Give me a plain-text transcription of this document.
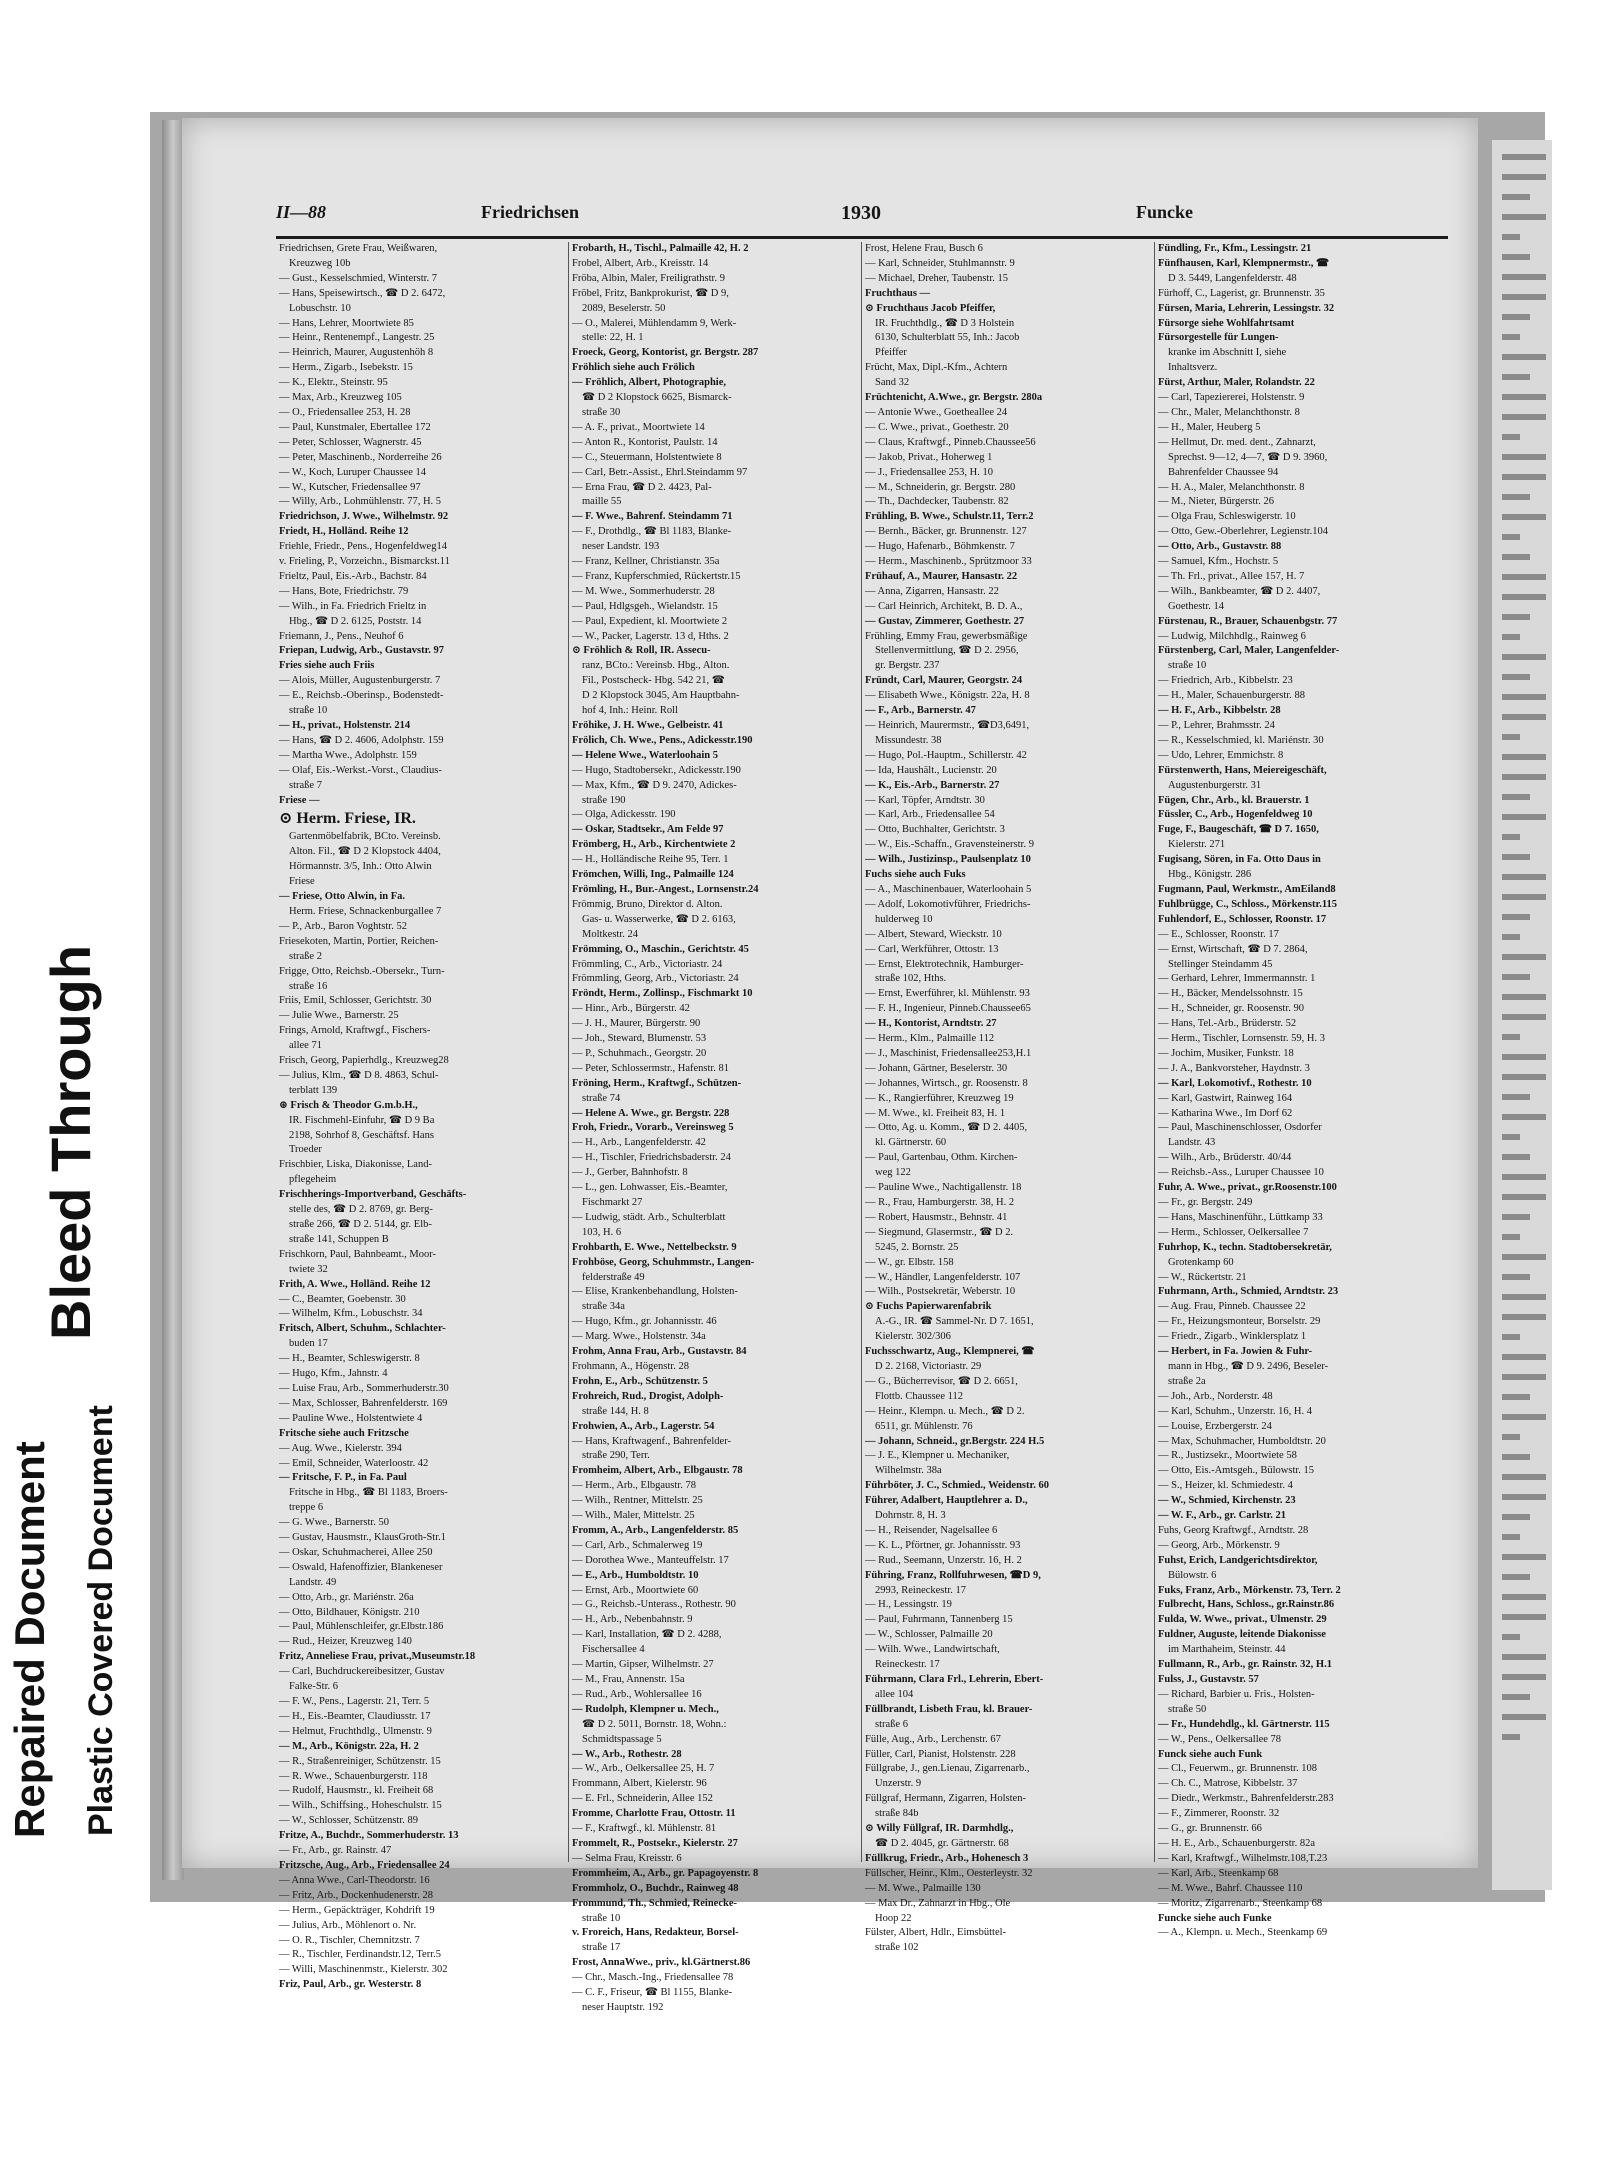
Repaired Document
Bleed Through
Plastic Covered Document
II—88	Friedrichsen	1930	Funcke
Friedrichsen, Grete Frau, Weißwaren,
Kreuzweg 10b
— Gust., Kesselschmied, Winterstr. 7
— Hans, Speisewirtsch., ☎ D 2. 6472,
Lobuschstr. 10
— Hans, Lehrer, Moortwiete 85
— Heinr., Rentenempf., Langestr. 25
— Heinrich, Maurer, Augustenhöh 8
— Herm., Zigarb., Isebekstr. 15
— K., Elektr., Steinstr. 95
— Max, Arb., Kreuzweg 105
— O., Friedensallee 253, H. 28
— Paul, Kunstmaler, Ebertallee 172
— Peter, Schlosser, Wagnerstr. 45
— Peter, Maschinenb., Norderreihe 26
— W., Koch, Luruper Chaussee 14
— W., Kutscher, Friedensallee 97
— Willy, Arb., Lohmühlenstr. 77, H. 5
Friedrichson, J. Wwe., Wilhelmstr. 92
Friedt, H., Holländ. Reihe 12
Friehle, Friedr., Pens., Hogenfeldweg14
v. Frieling, P., Vorzeichn., Bismarckst.11
Frieltz, Paul, Eis.-Arb., Bachstr. 84
— Hans, Bote, Friedrichstr. 79
— Wilh., in Fa. Friedrich Frieltz in
Hbg., ☎ D 2. 6125, Poststr. 14
Friemann, J., Pens., Neuhof 6
Friepan, Ludwig, Arb., Gustavstr. 97
Fries siehe auch Friis
— Alois, Müller, Augustenburgerstr. 7
— E., Reichsb.-Oberinsp., Bodenstedt-
straße 10
— H., privat., Holstenstr. 214
— Hans, ☎ D 2. 4606, Adolphstr. 159
— Martha Wwe., Adolphstr. 159
— Olaf, Eis.-Werkst.-Vorst., Claudius-
straße 7
Friese —
⊙ Herm. Friese, IR.
Gartenmöbelfabrik, BCto. Vereinsb.
Alton. Fil., ☎ D 2 Klopstock 4404,
Hörmannstr. 3/5, Inh.: Otto Alwin
Friese
— Friese, Otto Alwin, in Fa.
Herm. Friese, Schnackenburgallee 7
— P., Arb., Baron Voghtstr. 52
Friesekoten, Martin, Portier, Reichen-
straße 2
Frigge, Otto, Reichsb.-Obersekr., Turn-
straße 16
Friis, Emil, Schlosser, Gerichtstr. 30
— Julie Wwe., Barnerstr. 25
Frings, Arnold, Kraftwgf., Fischers-
allee 71
Frisch, Georg, Papierhdlg., Kreuzweg28
— Julius, Klm., ☎ D 8. 4863, Schul-
terblatt 139
⊛ Frisch & Theodor G.m.b.H.,
IR. Fischmehl-Einfuhr, ☎ D 9 Ba
2198, Sohrhof 8, Geschäftsf. Hans
Troeder
Frischbier, Liska, Diakonisse, Land-
pflegeheim
Frischherings-Importverband, Geschäfts-
stelle des, ☎ D 2. 8769, gr. Berg-
straße 266, ☎ D 2. 5144, gr. Elb-
straße 141, Schuppen B
Frischkorn, Paul, Bahnbeamt., Moor-
twiete 32
Frith, A. Wwe., Holländ. Reihe 12
— C., Beamter, Goebenstr. 30
— Wilhelm, Kfm., Lobuschstr. 34
Fritsch, Albert, Schuhm., Schlachter-
buden 17
— H., Beamter, Schleswigerstr. 8
— Hugo, Kfm., Jahnstr. 4
— Luise Frau, Arb., Sommerhuderstr.30
— Max, Schlosser, Bahrenfelderstr. 169
— Pauline Wwe., Holstentwiete 4
Fritsche siehe auch Fritzsche
— Aug. Wwe., Kielerstr. 394
— Emil, Schneider, Waterloostr. 42
— Fritsche, F. P., in Fa. Paul
Fritsche in Hbg., ☎ Bl 1183, Broers-
treppe 6
— G. Wwe., Barnerstr. 50
— Gustav, Hausmstr., KlausGroth-Str.1
— Oskar, Schuhmacherei, Allee 250
— Oswald, Hafenoffizier, Blankeneser
Landstr. 49
— Otto, Arb., gr. Mariénstr. 26a
— Otto, Bildhauer, Königstr. 210
— Paul, Mühlenschleifer, gr.Elbstr.186
— Rud., Heizer, Kreuzweg 140
Fritz, Anneliese Frau, privat.,Museumstr.18
— Carl, Buchdruckereibesitzer, Gustav
Falke-Str. 6
— F. W., Pens., Lagerstr. 21, Terr. 5
— H., Eis.-Beamter, Claudiusstr. 17
— Helmut, Fruchthdlg., Ulmenstr. 9
— M., Arb., Königstr. 22a, H. 2
— R., Straßenreiniger, Schützenstr. 15
— R. Wwe., Schauenburgerstr. 118
— Rudolf, Hausmstr., kl. Freiheit 68
— Wilh., Schiffsing., Hoheschulstr. 15
— W., Schlosser, Schützenstr. 89
Fritze, A., Buchdr., Sommerhuderstr. 13
— Fr., Arb., gr. Rainstr. 47
Fritzsche, Aug., Arb., Friedensallee 24
— Anna Wwe., Carl-Theodorstr. 16
— Fritz, Arb., Dockenhudenerstr. 28
— Herm., Gepäckträger, Kohdrift 19
— Julius, Arb., Möhlenort o. Nr.
— O. R., Tischler, Chemnitzstr. 7
— R., Tischler, Ferdinandstr.12, Terr.5
— Willi, Maschinenmstr., Kielerstr. 302
Friz, Paul, Arb., gr. Westerstr. 8
Frobarth, H., Tischl., Palmaille 42, H. 2
Frobel, Albert, Arb., Kreisstr. 14
Fröba, Albin, Maler, Freiligrathstr. 9
Fröbel, Fritz, Bankprokurist, ☎ D 9,
2089, Beselerstr. 50
— O., Malerei, Mühlendamm 9, Werk-
stelle: 22, H. 1
Froeck, Georg, Kontorist, gr. Bergstr. 287
Fröhlich siehe auch Frölich
— Fröhlich, Albert, Photographie,
☎ D 2 Klopstock 6625, Bismarck-
straße 30
— A. F., privat., Moortwiete 14
— Anton R., Kontorist, Paulstr. 14
— C., Steuermann, Holstentwiete 8
— Carl, Betr.-Assist., Ehrl.Steindamm 97
— Erna Frau, ☎ D 2. 4423, Pal-
maille 55
— F. Wwe., Bahrenf. Steindamm 71
— F., Drothdlg., ☎ Bl 1183, Blanke-
neser Landstr. 193
— Franz, Kellner, Christianstr. 35a
— Franz, Kupferschmied, Rückertstr.15
— M. Wwe., Sommerhuderstr. 28
— Paul, Hdlgsgeh., Wielandstr. 15
— Paul, Expedient, kl. Moortwiete 2
— W., Packer, Lagerstr. 13 d, Hths. 2
⊙ Fröhlich & Roll, IR. Assecu-
ranz, BCto.: Vereinsb. Hbg., Alton.
Fil., Postscheck- Hbg. 542 21, ☎
D 2 Klopstock 3045, Am Hauptbahn-
hof 4, Inh.: Heinr. Roll
Fröhike, J. H. Wwe., Gelbeistr. 41
Frölich, Ch. Wwe., Pens., Adickesstr.190
— Helene Wwe., Waterloohain 5
— Hugo, Stadtobersekr., Adickesstr.190
— Max, Kfm., ☎ D 9. 2470, Adickes-
straße 190
— Olga, Adickesstr. 190
— Oskar, Stadtsekr., Am Felde 97
Frömberg, H., Arb., Kirchentwiete 2
— H., Holländische Reihe 95, Terr. 1
Frömchen, Willi, Ing., Palmaille 124
Frömling, H., Bur.-Angest., Lornsenstr.24
Frömmig, Bruno, Direktor d. Alton.
Gas- u. Wasserwerke, ☎ D 2. 6163,
Moltkestr. 24
Frömming, O., Maschin., Gerichtstr. 45
Frömmling, C., Arb., Victoriastr. 24
Frömmling, Georg, Arb., Victoriastr. 24
Fröndt, Herm., Zollinsp., Fischmarkt 10
— Hinr., Arb., Bürgerstr. 42
— J. H., Maurer, Bürgerstr. 90
— Joh., Steward, Blumenstr. 53
— P., Schuhmach., Georgstr. 20
— Peter, Schlossermstr., Hafenstr. 81
Fröning, Herm., Kraftwgf., Schützen-
straße 74
— Helene A. Wwe., gr. Bergstr. 228
Froh, Friedr., Vorarb., Vereinsweg 5
— H., Arb., Langenfelderstr. 42
— H., Tischler, Friedrichsbaderstr. 24
— J., Gerber, Bahnhofstr. 8
— L., gen. Lohwasser, Eis.-Beamter,
Fischmarkt 27
— Ludwig, städt. Arb., Schulterblatt
103, H. 6
Frohbarth, E. Wwe., Nettelbeckstr. 9
Frohböse, Georg, Schuhmmstr., Langen-
felderstraße 49
— Elise, Krankenbehandlung, Holsten-
straße 34a
— Hugo, Kfm., gr. Johannisstr. 46
— Marg. Wwe., Holstenstr. 34a
Frohm, Anna Frau, Arb., Gustavstr. 84
Frohmann, A., Högenstr. 28
Frohn, E., Arb., Schützenstr. 5
Frohreich, Rud., Drogist, Adolph-
straße 144, H. 8
Frohwien, A., Arb., Lagerstr. 54
— Hans, Kraftwagenf., Bahrenfelder-
straße 290, Terr.
Fromheim, Albert, Arb., Elbgaustr. 78
— Herm., Arb., Elbgaustr. 78
— Wilh., Rentner, Mittelstr. 25
— Wilh., Maler, Mittelstr. 25
Fromm, A., Arb., Langenfelderstr. 85
— Carl, Arb., Schmalerweg 19
— Dorothea Wwe., Manteuffelstr. 17
— E., Arb., Humboldtstr. 10
— Ernst, Arb., Moortwiete 60
— G., Reichsb.-Unterass., Rothestr. 90
— H., Arb., Nebenbahnstr. 9
— Karl, Installation, ☎ D 2. 4288,
Fischersallee 4
— Martin, Gipser, Wilhelmstr. 27
— M., Frau, Annenstr. 15a
— Rud., Arb., Wohlersallee 16
— Rudolph, Klempner u. Mech.,
☎ D 2. 5011, Bornstr. 18, Wohn.:
Schmidtspassage 5
— W., Arb., Rothestr. 28
— W., Arb., Oelkersallee 25, H. 7
Frommann, Albert, Kielerstr. 96
— E. Frl., Schneiderin, Allee 152
Fromme, Charlotte Frau, Ottostr. 11
— F., Kraftwgf., kl. Mühlenstr. 81
Frommelt, R., Postsekr., Kielerstr. 27
— Selma Frau, Kreisstr. 6
Frommheim, A., Arb., gr. Papagoyenstr. 8
Frommholz, O., Buchdr., Rainweg 48
Frommund, Th., Schmied, Reinecke-
straße 10
v. Froreich, Hans, Redakteur, Borsel-
straße 17
Frost, AnnaWwe., priv., kl.Gärtnerst.86
— Chr., Masch.-Ing., Friedensallee 78
— C. F., Friseur, ☎ Bl 1155, Blanke-
neser Hauptstr. 192
Frost, Helene Frau, Busch 6
— Karl, Schneider, Stuhlmannstr. 9
— Michael, Dreher, Taubenstr. 15
Fruchthaus —
⊙ Fruchthaus Jacob Pfeiffer,
IR. Fruchthdlg., ☎ D 3 Holstein
6130, Schulterblatt 55, Inh.: Jacob
Pfeiffer
Frücht, Max, Dipl.-Kfm., Achtern
Sand 32
Früchtenicht, A.Wwe., gr. Bergstr. 280a
— Antonie Wwe., Goetheallee 24
— C. Wwe., privat., Goethestr. 20
— Claus, Kraftwgf., Pinneb.Chaussee56
— Jakob, Privat., Hoherweg 1
— J., Friedensallee 253, H. 10
— M., Schneiderin, gr. Bergstr. 280
— Th., Dachdecker, Taubenstr. 82
Frühling, B. Wwe., Schulstr.11, Terr.2
— Bernh., Bäcker, gr. Brunnenstr. 127
— Hugo, Hafenarb., Böhmkenstr. 7
— Herm., Maschinenb., Sprützmoor 33
Frühauf, A., Maurer, Hansastr. 22
— Anna, Zigarren, Hansastr. 22
— Carl Heinrich, Architekt, B. D. A.,
— Gustav, Zimmerer, Goethestr. 27
Frühling, Emmy Frau, gewerbsmäßige
Stellenvermittlung, ☎ D 2. 2956,
gr. Bergstr. 237
Fründt, Carl, Maurer, Georgstr. 24
— Elisabeth Wwe., Königstr. 22a, H. 8
— F., Arb., Barnerstr. 47
— Heinrich, Maurermstr., ☎D3,6491,
Missundestr. 38
— Hugo, Pol.-Hauptm., Schillerstr. 42
— Ida, Haushält., Lucienstr. 20
— K., Eis.-Arb., Barnerstr. 27
— Karl, Töpfer, Arndtstr. 30
— Karl, Arb., Friedensallee 54
— Otto, Buchhalter, Gerichtstr. 3
— W., Eis.-Schaffn., Gravensteinerstr. 9
— Wilh., Justizinsp., Paulsenplatz 10
Fuchs siehe auch Fuks
— A., Maschinenbauer, Waterloohain 5
— Adolf, Lokomotivführer, Friedrichs-
hulderweg 10
— Albert, Steward, Wieckstr. 10
— Carl, Werkführer, Ottostr. 13
— Ernst, Elektrotechnik, Hamburger-
straße 102, Hths.
— Ernst, Ewerführer, kl. Mühlenstr. 93
— F. H., Ingenieur, Pinneb.Chaussee65
— H., Kontorist, Arndtstr. 27
— Herm., Klm., Palmaille 112
— J., Maschinist, Friedensallee253,H.1
— Johann, Gärtner, Beselerstr. 30
— Johannes, Wirtsch., gr. Roosenstr. 8
— K., Rangierführer, Kreuzweg 19
— M. Wwe., kl. Freiheit 83, H. 1
— Otto, Ag. u. Komm., ☎ D 2. 4405,
kl. Gärtnerstr. 60
— Paul, Gartenbau, Othm. Kirchen-
weg 122
— Pauline Wwe., Nachtigallenstr. 18
— R., Frau, Hamburgerstr. 38, H. 2
— Robert, Hausmstr., Behnstr. 41
— Siegmund, Glasermstr., ☎ D 2.
5245, 2. Bornstr. 25
— W., gr. Elbstr. 158
— W., Händler, Langenfelderstr. 107
— Wilh., Postsekretär, Weberstr. 10
⊙ Fuchs Papierwarenfabrik
A.-G., IR. ☎ Sammel-Nr. D 7. 1651,
Kielerstr. 302/306
Fuchsschwartz, Aug., Klempnerei, ☎
D 2. 2168, Victoriastr. 29
— G., Bücherrevisor, ☎ D 2. 6651,
Flottb. Chaussee 112
— Heinr., Klempn. u. Mech., ☎ D 2.
6511, gr. Mühlenstr. 76
— Johann, Schneid., gr.Bergstr. 224 H.5
— J. E., Klempner u. Mechaniker,
Wilhelmstr. 38a
Führböter, J. C., Schmied., Weidenstr. 60
Führer, Adalbert, Hauptlehrer a. D.,
Dohrnstr. 8, H. 3
— H., Reisender, Nagelsallee 6
— K. L., Pförtner, gr. Johannisstr. 93
— Rud., Seemann, Unzerstr. 16, H. 2
Führing, Franz, Rollfuhrwesen, ☎D 9,
2993, Reineckestr. 17
— H., Lessingstr. 19
— Paul, Fuhrmann, Tannenberg 15
— W., Schlosser, Palmaille 20
— Wilh. Wwe., Landwirtschaft,
Reineckestr. 17
Führmann, Clara Frl., Lehrerin, Ebert-
allee 104
Füllbrandt, Lisbeth Frau, kl. Brauer-
straße 6
Fülle, Aug., Arb., Lerchenstr. 67
Füller, Carl, Pianist, Holstenstr. 228
Füllgrabe, J., gen.Lienau, Zigarrenarb.,
Unzerstr. 9
Füllgraf, Hermann, Zigarren, Holsten-
straße 84b
⊙ Willy Füllgraf, IR. Darmhdlg.,
☎ D 2. 4045, gr. Gärtnerstr. 68
Füllkrug, Friedr., Arb., Hohenesch 3
Füllscher, Heinr., Klm., Oesterleystr. 32
— M. Wwe., Palmaille 130
— Max Dr., Zahnarzt in Hbg., Ole
Hoop 22
Fülster, Albert, Hdlr., Eimsbüttel-
straße 102
Fündling, Fr., Kfm., Lessingstr. 21
Fünfhausen, Karl, Klempnermstr., ☎
D 3. 5449, Langenfelderstr. 48
Fürhoff, C., Lagerist, gr. Brunnenstr. 35
Fürsen, Maria, Lehrerin, Lessingstr. 32
Fürsorge siehe Wohlfahrtsamt
Fürsorgestelle für Lungen-
kranke im Abschnitt I, siehe
Inhaltsverz.
Fürst, Arthur, Maler, Rolandstr. 22
— Carl, Tapeziererei, Holstenstr. 9
— Chr., Maler, Melanchthonstr. 8
— H., Maler, Heuberg 5
— Hellmut, Dr. med. dent., Zahnarzt,
Sprechst. 9—12, 4—7, ☎ D 9. 3960,
Bahrenfelder Chaussee 94
— H. A., Maler, Melanchthonstr. 8
— M., Nieter, Bürgerstr. 26
— Olga Frau, Schleswigerstr. 10
— Otto, Gew.-Oberlehrer, Legienstr.104
— Otto, Arb., Gustavstr. 88
— Samuel, Kfm., Hochstr. 5
— Th. Frl., privat., Allee 157, H. 7
— Wilh., Bankbeamter, ☎ D 2. 4407,
Goethestr. 14
Fürstenau, R., Brauer, Schauenbgstr. 77
— Ludwig, Milchhdlg., Rainweg 6
Fürstenberg, Carl, Maler, Langenfelder-
straße 10
— Friedrich, Arb., Kibbelstr. 23
— H., Maler, Schauenburgerstr. 88
— H. F., Arb., Kibbelstr. 28
— P., Lehrer, Brahmsstr. 24
— R., Kesselschmied, kl. Mariénstr. 30
— Udo, Lehrer, Emmichstr. 8
Fürstenwerth, Hans, Meiereigeschäft,
Augustenburgerstr. 31
Fügen, Chr., Arb., kl. Brauerstr. 1
Füssler, C., Arb., Hogenfeldweg 10
Fuge, F., Baugeschäft, ☎ D 7. 1650,
Kielerstr. 271
Fugisang, Sören, in Fa. Otto Daus in
Hbg., Königstr. 286
Fugmann, Paul, Werkmstr., AmEiland8
Fuhlbrügge, C., Schloss., Mörkenstr.115
Fuhlendorf, E., Schlosser, Roonstr. 17
— E., Schlosser, Roonstr. 17
— Ernst, Wirtschaft, ☎ D 7. 2864,
Stellinger Steindamm 45
— Gerhard, Lehrer, Immermannstr. 1
— H., Bäcker, Mendelssohnstr. 15
— H., Schneider, gr. Roosenstr. 90
— Hans, Tel.-Arb., Brüderstr. 52
— Herm., Tischler, Lornsenstr. 59, H. 3
— Jochim, Musiker, Funkstr. 18
— J. A., Bankvorsteher, Haydnstr. 3
— Karl, Lokomotivf., Rothestr. 10
— Karl, Gastwirt, Rainweg 164
— Katharina Wwe., Im Dorf 62
— Paul, Maschinenschlosser, Osdorfer
Landstr. 43
— Wilh., Arb., Brüderstr. 40/44
— Reichsb.-Ass., Luruper Chaussee 10
Fuhr, A. Wwe., privat., gr.Roosenstr.100
— Fr., gr. Bergstr. 249
— Hans, Maschinenführ., Lüttkamp 33
— Herm., Schlosser, Oelkersallee 7
Fuhrhop, K., techn. Stadtobersekretär,
Grotenkamp 60
— W., Rückertstr. 21
Fuhrmann, Arth., Schmied, Arndtstr. 23
— Aug. Frau, Pinneb. Chaussee 22
— Fr., Heizungsmonteur, Borselstr. 29
— Friedr., Zigarb., Winklersplatz 1
— Herbert, in Fa. Jowien & Fuhr-
mann in Hbg., ☎ D 9. 2496, Beseler-
straße 2a
— Joh., Arb., Norderstr. 48
— Karl, Schuhm., Unzerstr. 16, H. 4
— Louise, Erzbergerstr. 24
— Max, Schuhmacher, Humboldtstr. 20
— R., Justizsekr., Moortwiete 58
— Otto, Eis.-Amtsgeh., Bülowstr. 15
— S., Heizer, kl. Schmiedestr. 4
— W., Schmied, Kirchenstr. 23
— W. F., Arb., gr. Carlstr. 21
Fuhs, Georg Kraftwgf., Arndtstr. 28
— Georg, Arb., Mörkenstr. 9
Fuhst, Erich, Landgerichtsdirektor,
Bülowstr. 6
Fuks, Franz, Arb., Mörkenstr. 73, Terr. 2
Fulbrecht, Hans, Schloss., gr.Rainstr.86
Fulda, W. Wwe., privat., Ulmenstr. 29
Fuldner, Auguste, leitende Diakonisse
im Marthaheim, Steinstr. 44
Fullmann, R., Arb., gr. Rainstr. 32, H.1
Fulss, J., Gustavstr. 57
— Richard, Barbier u. Fris., Holsten-
straße 50
— Fr., Hundehdlg., kl. Gärtnerstr. 115
— W., Pens., Oelkersallee 78
Funck siehe auch Funk
— Cl., Feuerwm., gr. Brunnenstr. 108
— Ch. C., Matrose, Kibbelstr. 37
— Diedr., Werkmstr., Bahrenfelderstr.283
— F., Zimmerer, Roonstr. 32
— G., gr. Brunnenstr. 66
— H. E., Arb., Schauenburgerstr. 82a
— Karl, Kraftwgf., Wilhelmstr.108,T.23
— Karl, Arb., Steenkamp 68
— M. Wwe., Bahrf. Chaussee 110
— Moritz, Zigarrenarb., Steenkamp 68
Funcke siehe auch Funke
— A., Klempn. u. Mech., Steenkamp 69
